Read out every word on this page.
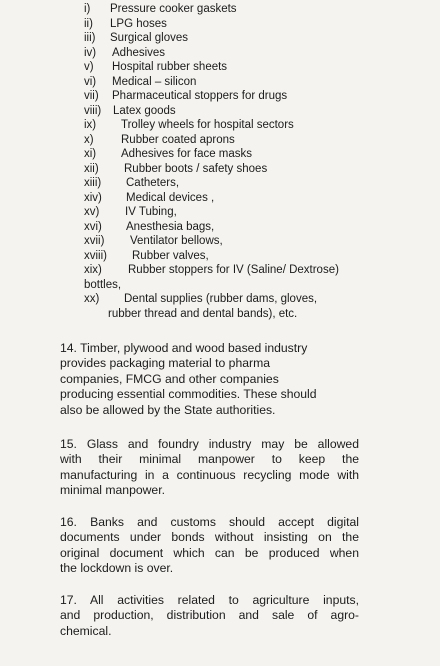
i) Pressure cooker gaskets
ii) LPG hoses
iii) Surgical gloves
iv) Adhesives
v) Hospital rubber sheets
vi) Medical – silicon
vii) Pharmaceutical stoppers for drugs
viii) Latex goods
ix) Trolley wheels for hospital sectors
x) Rubber coated aprons
xi) Adhesives for face masks
xii) Rubber boots / safety shoes
xiii) Catheters,
xiv) Medical devices ,
xv) IV Tubing,
xvi) Anesthesia bags,
xvii) Ventilator bellows,
xviii) Rubber valves,
xix) Rubber stoppers for IV (Saline/ Dextrose)
bottles,
xx) Dental supplies (rubber dams, gloves,
rubber thread and dental bands), etc.
14. Timber, plywood and wood based industry
provides packaging material to pharma
companies, FMCG and other companies
producing essential commodities. These should
also be allowed by the State authorities.
15. Glass and foundry industry may be allowed
with their minimal manpower to keep the
manufacturing in a continuous recycling mode with
minimal manpower.
16. Banks and customs should accept digital
documents under bonds without insisting on the
original document which can be produced when
the lockdown is over.
17. All activities related to agriculture inputs,
and production, distribution and sale of agro-
chemical.
